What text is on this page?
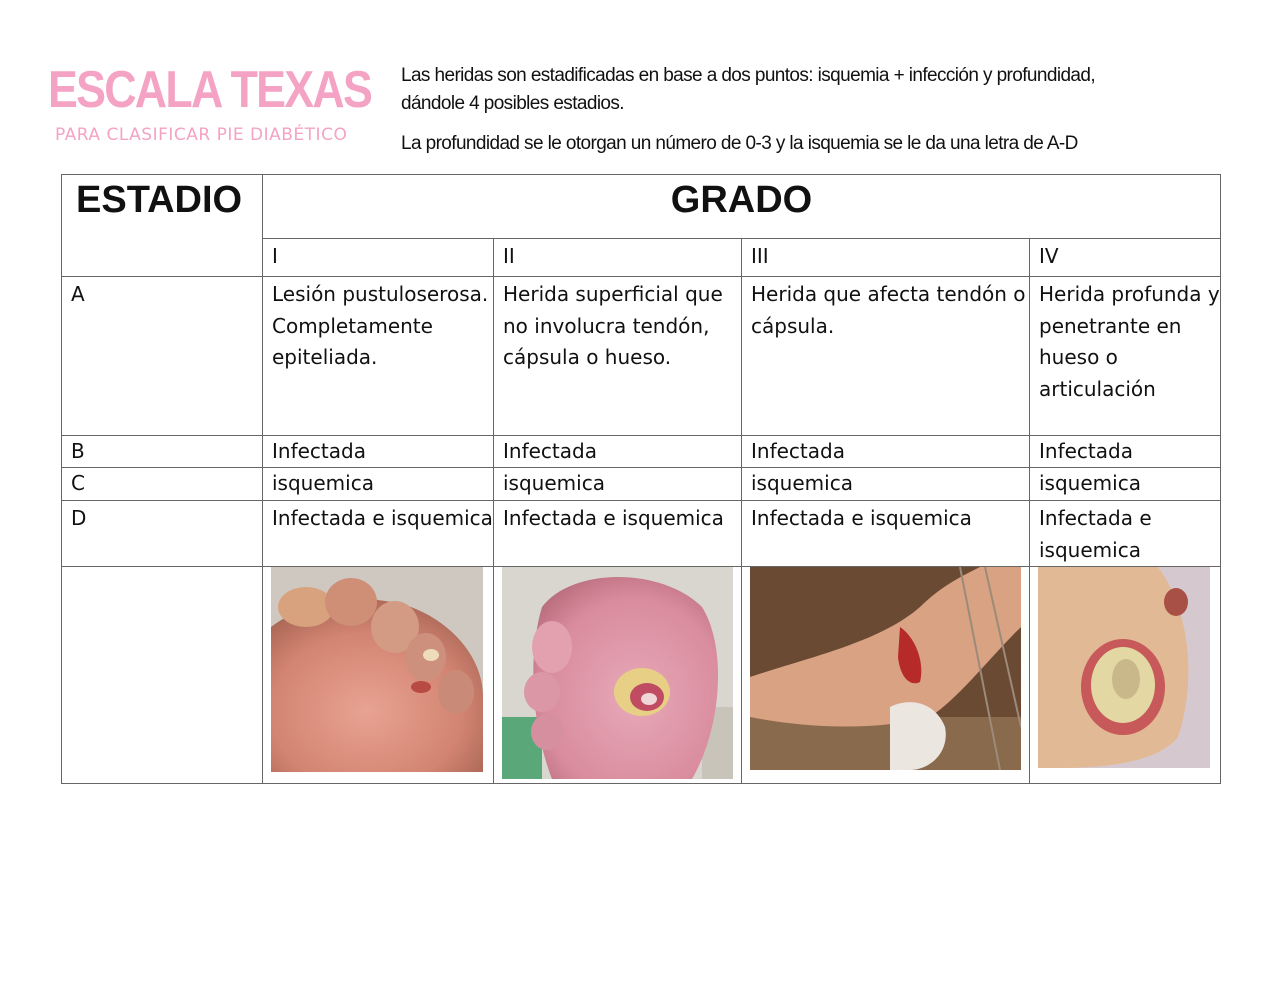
ESCALA TEXAS
PARA CLASIFICAR PIE DIABÉTICO

Las heridas son estadificadas en base a dos puntos: isquemia + infección y profundidad, dándole 4 posibles estadios.

La profundidad se le otorgan un número de 0-3 y la isquemia se le da una letra de A-D

ESTADIO	GRADO			
	I	II	III	IV
A	Lesión pustuloserosa. Completamente epiteliada.	Herida superficial que no involucra tendón, cápsula o hueso.	Herida que afecta tendón o cápsula.	Herida profunda y penetrante en hueso o articulación
B	Infectada	Infectada	Infectada	Infectada
C	isquemica	isquemica	isquemica	isquemica
D	Infectada e isquemica	Infectada e isquemica	Infectada e isquemica	Infectada e isquemica
